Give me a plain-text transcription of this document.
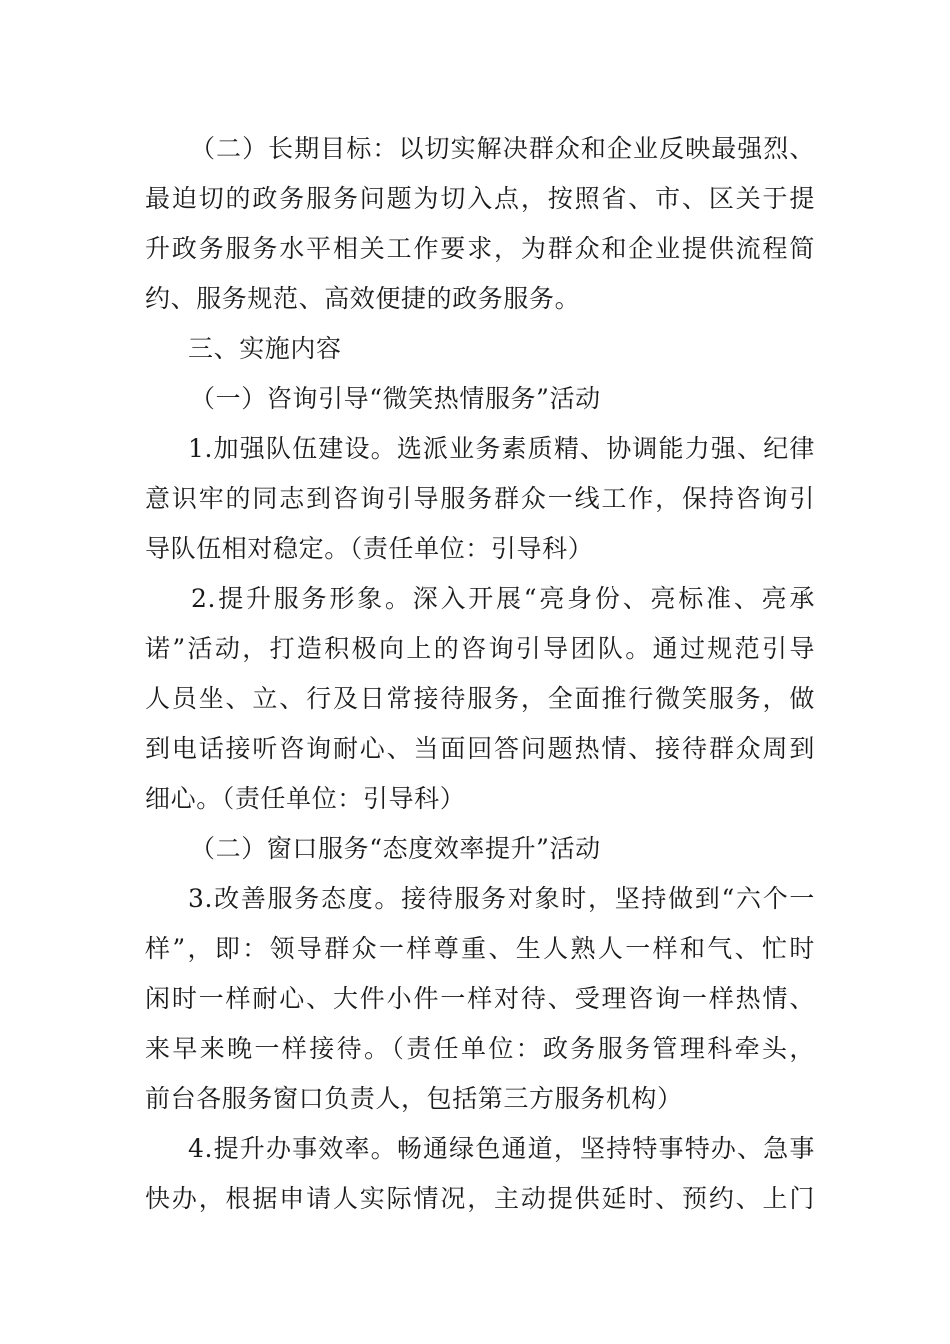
（二）长期目标：以切实解决群众和企业反映最强烈、
最迫切的政务服务问题为切入点，按照省、市、区关于提
升政务服务水平相关工作要求，为群众和企业提供流程简
约、服务规范、高效便捷的政务服务。
三、实施内容
（一）咨询引导“微笑热情服务”活动
1.加强队伍建设。选派业务素质精、协调能力强、纪律
意识牢的同志到咨询引导服务群众一线工作，保持咨询引
导队伍相对稳定。（责任单位：引导科）
2.提升服务形象。深入开展“亮身份、亮标准、亮承
诺”活动，打造积极向上的咨询引导团队。通过规范引导
人员坐、立、行及日常接待服务，全面推行微笑服务，做
到电话接听咨询耐心、当面回答问题热情、接待群众周到
细心。（责任单位：引导科）
（二）窗口服务“态度效率提升”活动
3.改善服务态度。接待服务对象时，坚持做到“六个一
样”，即：领导群众一样尊重、生人熟人一样和气、忙时
闲时一样耐心、大件小件一样对待、受理咨询一样热情、
来早来晚一样接待。（责任单位：政务服务管理科牵头，
前台各服务窗口负责人，包括第三方服务机构）
4.提升办事效率。畅通绿色通道，坚持特事特办、急事
快办，根据申请人实际情况，主动提供延时、预约、上门
